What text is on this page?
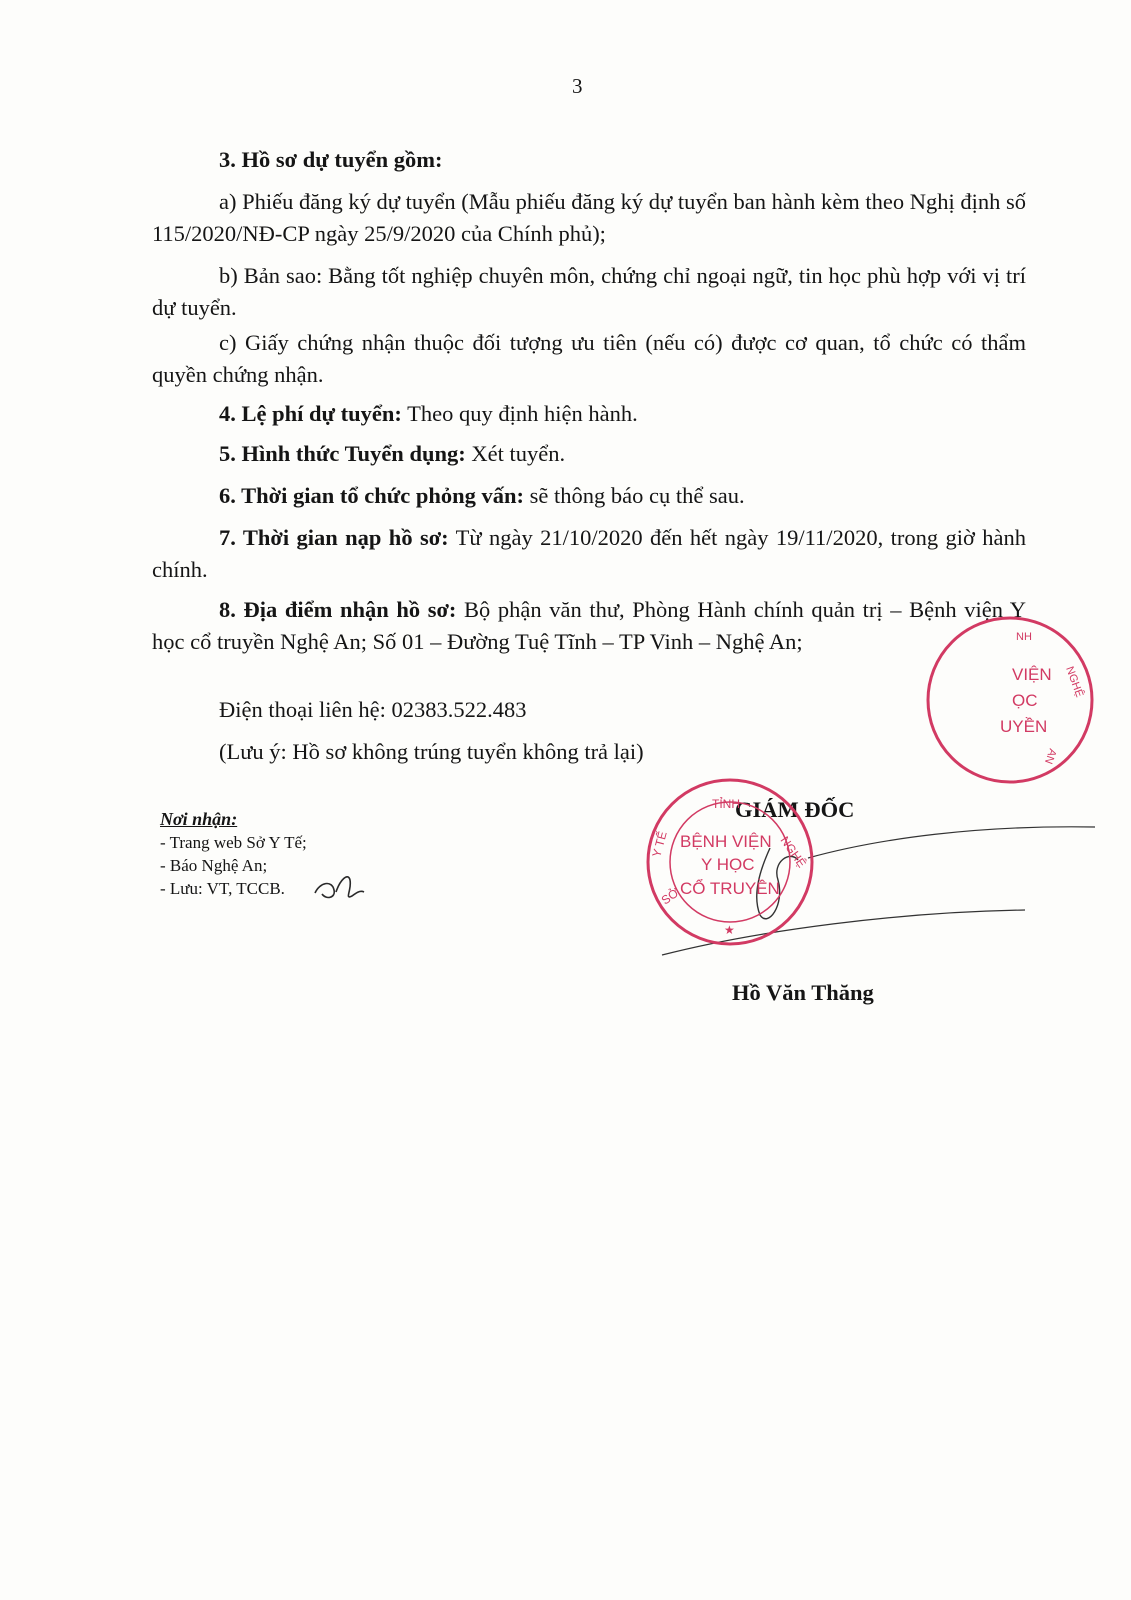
3
3. Hồ sơ dự tuyển gồm:

a) Phiếu đăng ký dự tuyển (Mẫu phiếu đăng ký dự tuyển ban hành kèm theo Nghị định số 115/2020/NĐ-CP ngày 25/9/2020 của Chính phủ);

b) Bản sao: Bằng tốt nghiệp chuyên môn, chứng chỉ ngoại ngữ, tin học phù hợp với vị trí dự tuyển.

c) Giấy chứng nhận thuộc đối tượng ưu tiên (nếu có) được cơ quan, tổ chức có thẩm quyền chứng nhận.

4. Lệ phí dự tuyển: Theo quy định hiện hành.
5. Hình thức Tuyển dụng: Xét tuyển.
6. Thời gian tổ chức phỏng vấn: sẽ thông báo cụ thể sau.

7. Thời gian nạp hồ sơ: Từ ngày 21/10/2020 đến hết ngày 19/11/2020, trong giờ hành chính.

8. Địa điểm nhận hồ sơ: Bộ phận văn thư, Phòng Hành chính quản trị – Bệnh viện Y học cổ truyền Nghệ An; Số 01 – Đường Tuệ Tĩnh – TP Vinh – Nghệ An;

Điện thoại liên hệ: 02383.522.483
(Lưu ý: Hồ sơ không trúng tuyển không trả lại)
Nơi nhận:
- Trang web Sở Y Tế;
- Báo Nghệ An;
- Lưu: VT, TCCB.
GIÁM ĐỐC
Hồ Văn Thăng
TỈNH
NGHỆ
Y TẾ
SỞ
BỆNH VIỆN
Y HỌC
CỔ TRUYỀN
★
VIỆN
ỌC
UYỀN
NH
NGHỆ
AN
